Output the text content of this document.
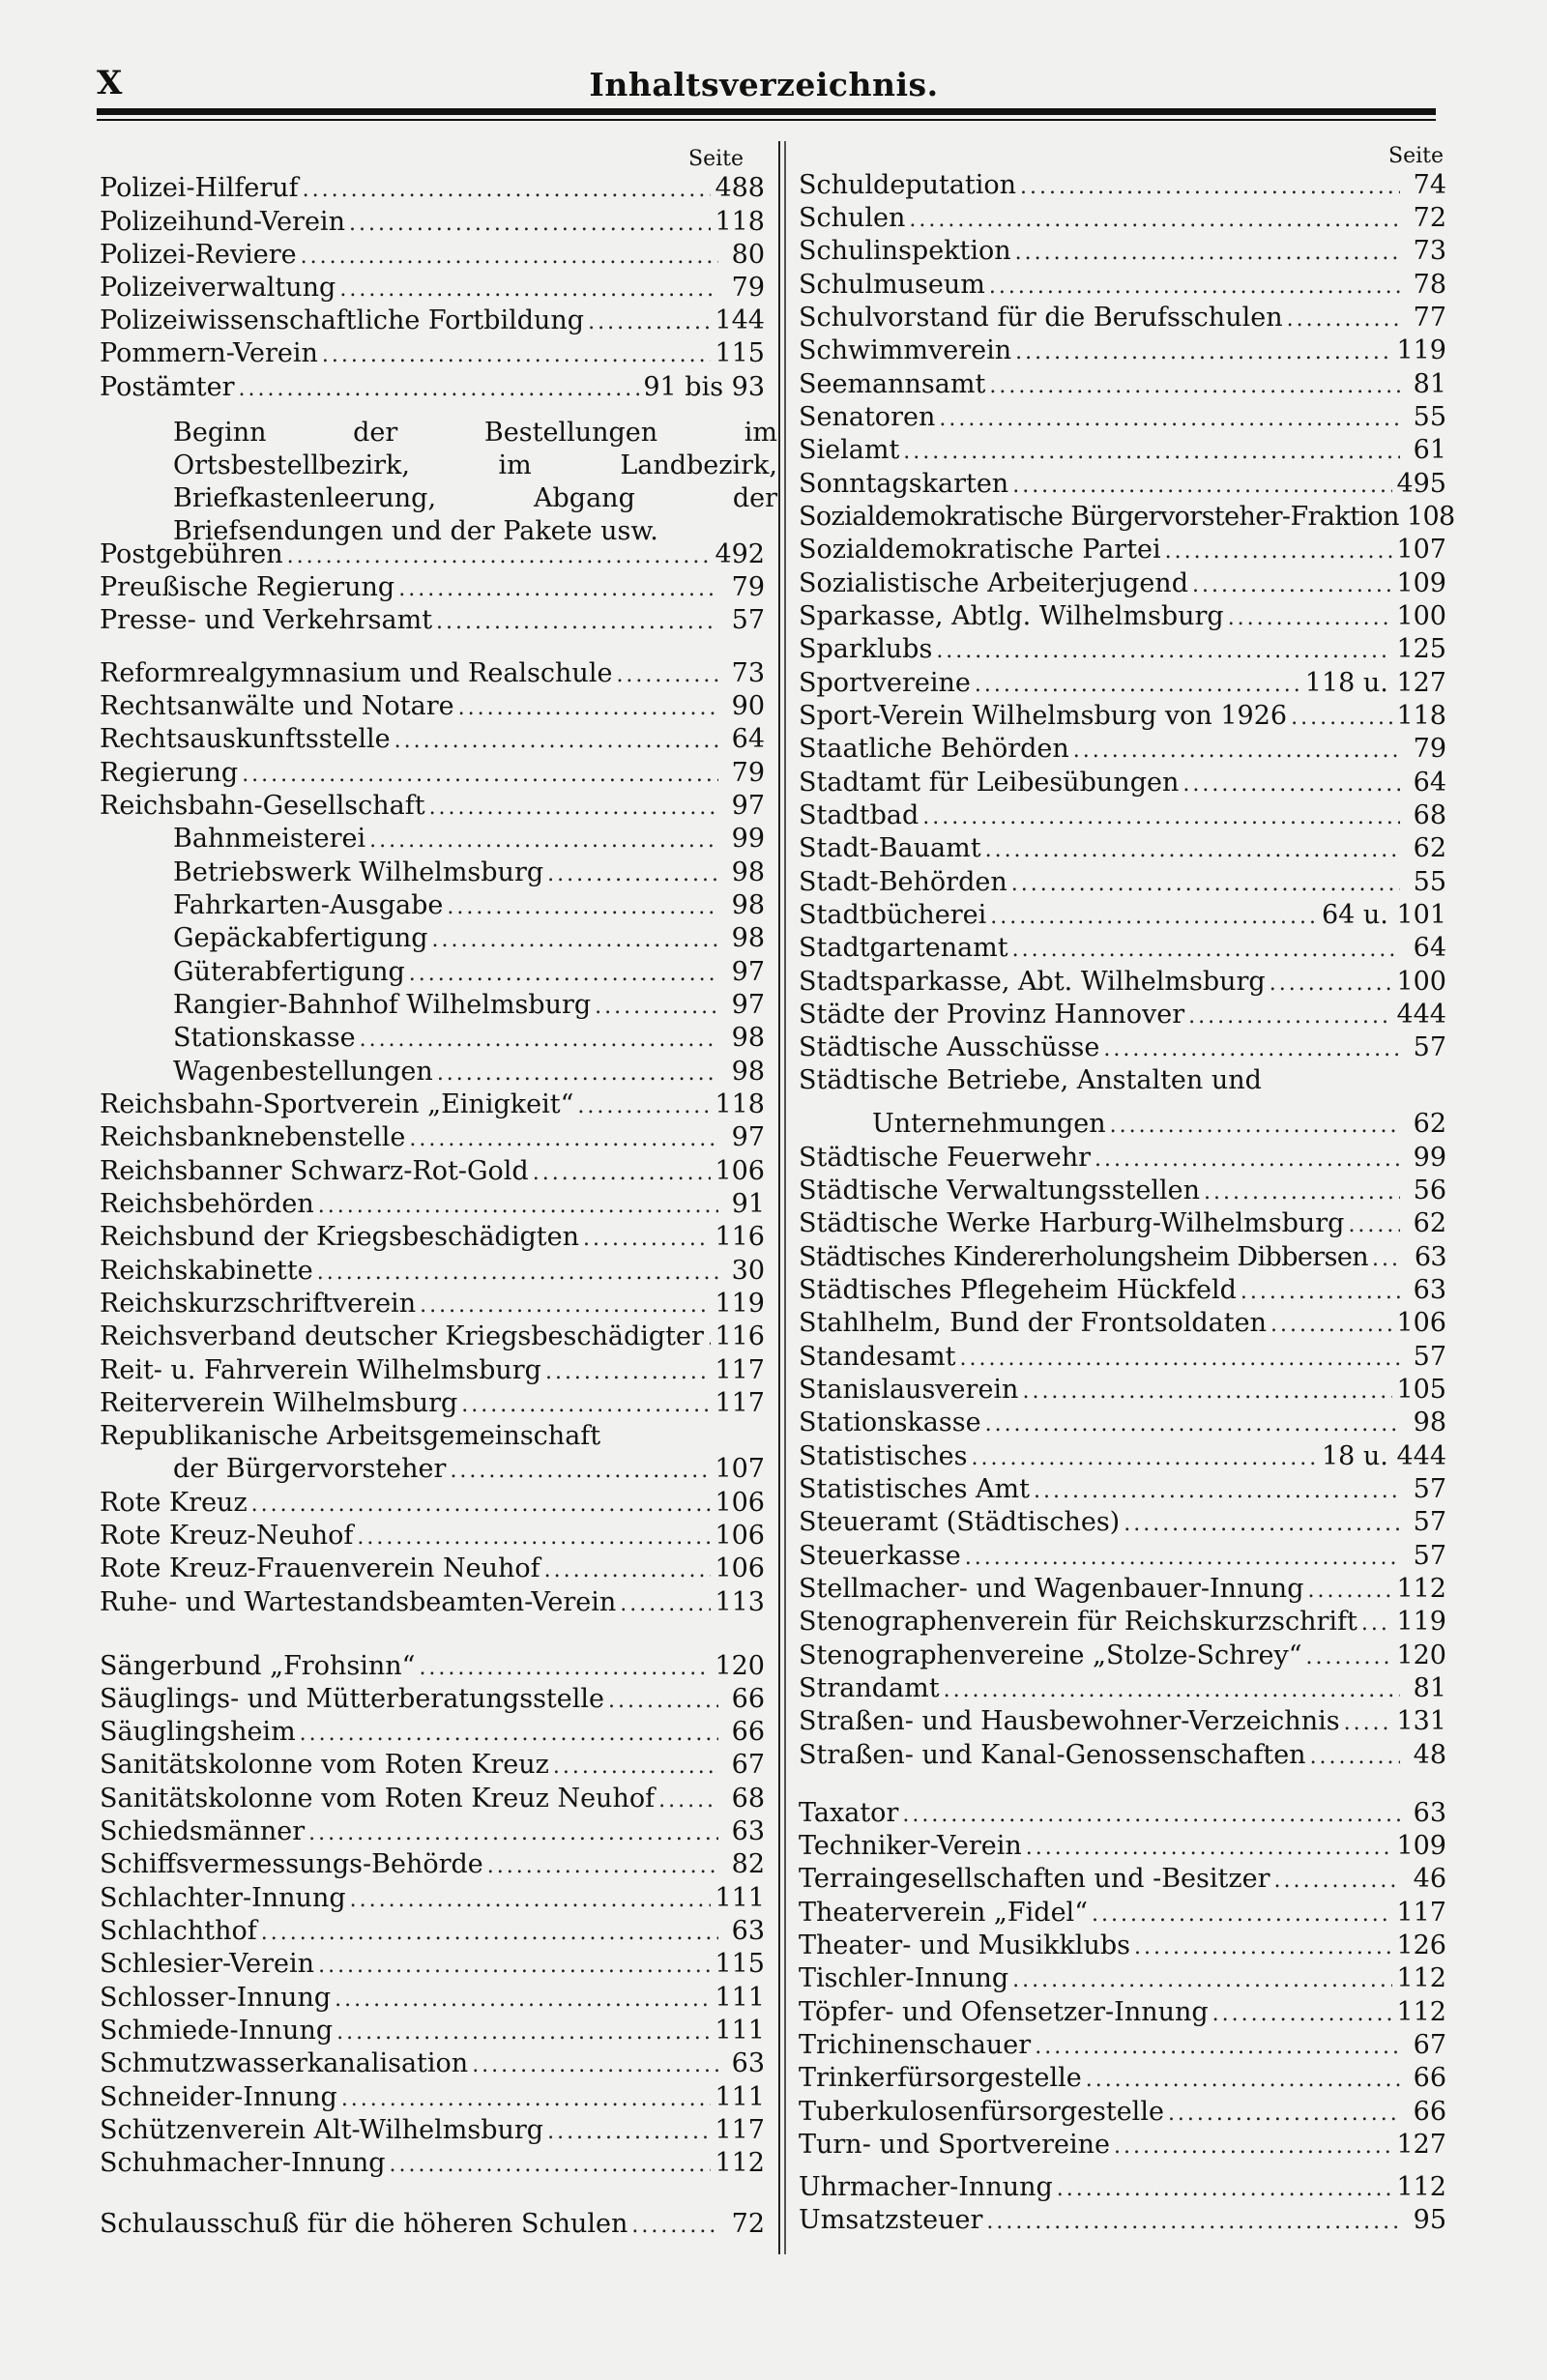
X	Inhaltsverzeichnis.
Seite	Seite
Beginn der Bestellungen im Ortsbestellbezirk, im Landbezirk, Briefkastenleerung, Abgang der Briefsendungen und der Pakete usw.
Polizei-Hilferuf .....	488
Polizeihund-Verein .....	118
Polizei-Reviere .....	80
Polizeiverwaltung .....	79
Polizeiwissenschaftliche Fortbildung .....	144
Pommern-Verein .....	115
Postämter .....	91 bis 93
Postgebühren .....	492
Preußische Regierung .....	79
Presse- und Verkehrsamt .....	57
Reformrealgymnasium und Realschule .....	73
Rechtsanwälte und Notare .....	90
Rechtsauskunftsstelle .....	64
Regierung .....	79
Reichsbahn-Gesellschaft .....	97
Bahnmeisterei .....	99
Betriebswerk Wilhelmsburg .....	98
Fahrkarten-Ausgabe .....	98
Gepäckabfertigung .....	98
Güterabfertigung .....	97
Rangier-Bahnhof Wilhelmsburg .....	97
Stationskasse .....	98
Wagenbestellungen .....	98
Reichsbahn-Sportverein „Einigkeit“ .....	118
Reichsbanknebenstelle .....	97
Reichsbanner Schwarz-Rot-Gold .....	106
Reichsbehörden .....	91
Reichsbund der Kriegsbeschädigten .....	116
Reichskabinette .....	30
Reichskurzschriftverein .....	119
Reichsverband deutscher Kriegsbeschädigter ..... 116
Reit- u. Fahrverein Wilhelmsburg .....	117
Reiterverein Wilhelmsburg .....	117
Republikanische Arbeitsgemeinschaft
der Bürgervorsteher .....	107
Rote Kreuz .....	106
Rote Kreuz-Neuhof .....	106
Rote Kreuz-Frauenverein Neuhof .....	106
Ruhe- und Wartestandsbeamten-Verein .....	113
Sängerbund „Frohsinn“ .....	120
Säuglings- und Mütterberatungsstelle .....	66
Säuglingsheim .....	66
Sanitätskolonne vom Roten Kreuz .....	67
Sanitätskolonne vom Roten Kreuz Neuhof .....	68
Schiedsmänner .....	63
Schiffsvermessungs-Behörde .....	82
Schlachter-Innung .....	111
Schlachthof .....	63
Schlesier-Verein .....	115
Schlosser-Innung .....	111
Schmiede-Innung .....	111
Schmutzwasserkanalisation .....	63
Schneider-Innung .....	111
Schützenverein Alt-Wilhelmsburg .....	117
Schuhmacher-Innung .....	112
Schulausschuß für die höheren Schulen .....	72
Schuldeputation .....	74
Schulen .....	72
Schulinspektion .....	73
Schulmuseum .....	78
Schulvorstand für die Berufsschulen .....	77
Schwimmverein .....	119
Seemannsamt .....	81
Senatoren .....	55
Sielamt .....	61
Sonntagskarten .....	495
Sozialdemokratische Bürgervorsteher-Fraktion 108
Sozialdemokratische Partei .....	107
Sozialistische Arbeiterjugend .....	109
Sparkasse, Abtlg. Wilhelmsburg .....	100
Sparklubs .....	125
Sportvereine .....	118 u. 127
Sport-Verein Wilhelmsburg von 1926 .....	118
Staatliche Behörden .....	79
Stadtamt für Leibesübungen .....	64
Stadtbad .....	68
Stadt-Bauamt .....	62
Stadt-Behörden .....	55
Stadtbücherei .....	64 u. 101
Stadtgartenamt .....	64
Stadtsparkasse, Abt. Wilhelmsburg .....	100
Städte der Provinz Hannover .....	444
Städtische Ausschüsse .....	57
Städtische Betriebe, Anstalten und
Unternehmungen .....	62
Städtische Feuerwehr .....	99
Städtische Verwaltungsstellen .....	56
Städtische Werke Harburg-Wilhelmsburg .....	62
Städtisches Kindererholungsheim Dibbersen .....	63
Städtisches Pflegeheim Hückfeld .....	63
Stahlhelm, Bund der Frontsoldaten .....	106
Standesamt .....	57
Stanislausverein .....	105
Stationskasse .....	98
Statistisches .....	18 u. 444
Statistisches Amt .....	57
Steueramt (Städtisches) .....	57
Steuerkasse .....	57
Stellmacher- und Wagenbauer-Innung .....	112
Stenographenverein für Reichskurzschrift ..... 119
Stenographenvereine „Stolze-Schrey“ .....	120
Strandamt .....	81
Straßen- und Hausbewohner-Verzeichnis ..... 131
Straßen- und Kanal-Genossenschaften .....	48
Taxator .....	63
Techniker-Verein .....	109
Terraingesellschaften und -Besitzer .....	46
Theaterverein „Fidel“ .....	117
Theater- und Musikklubs .....	126
Tischler-Innung .....	112
Töpfer- und Ofensetzer-Innung .....	112
Trichinenschauer .....	67
Trinkerfürsorgestelle .....	66
Tuberkulosenfürsorgestelle .....	66
Turn- und Sportvereine .....	127
Uhrmacher-Innung .....	112
Umsatzsteuer .....	95
